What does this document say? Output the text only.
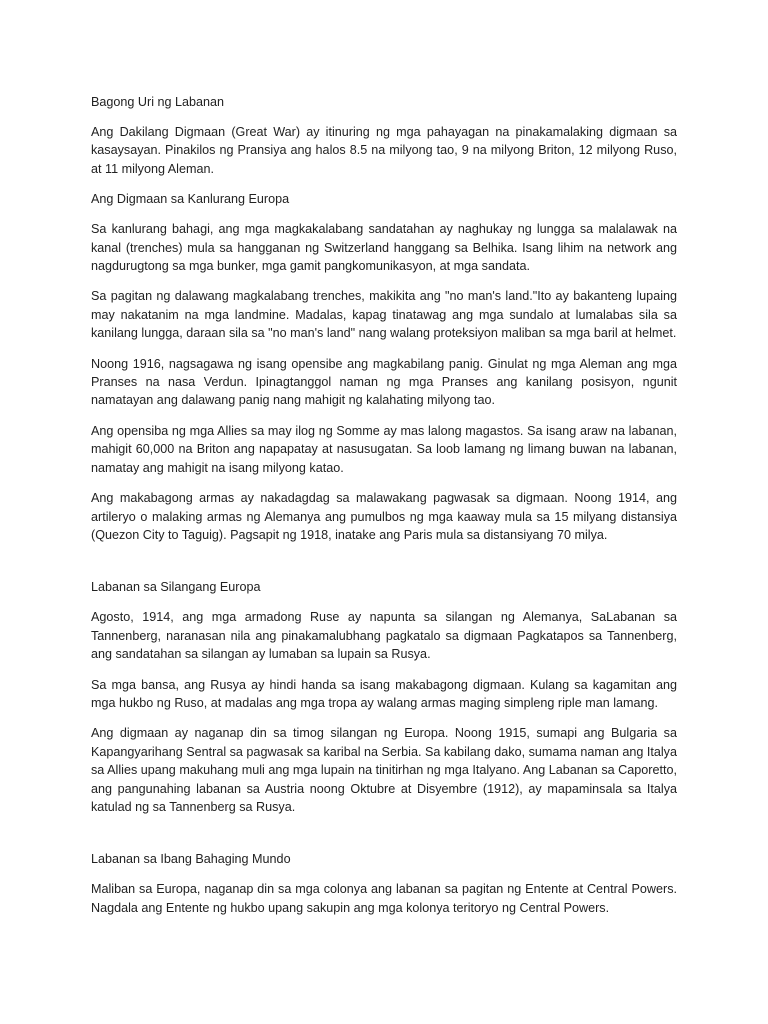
Bagong Uri ng Labanan

Ang Dakilang Digmaan (Great War) ay itinuring ng mga pahayagan na pinakamalaking digmaan sa kasaysayan. Pinakilos ng Pransiya ang halos 8.5 na milyong tao, 9 na milyong Briton, 12 milyong Ruso, at 11 milyong Aleman.

Ang Digmaan sa Kanlurang Europa

Sa kanlurang bahagi, ang mga magkakalabang sandatahan ay naghukay ng lungga sa malalawak na kanal (trenches) mula sa hangganan ng Switzerland hanggang sa Belhika. Isang lihim na network ang nagdurugtong sa mga bunker, mga gamit pangkomunikasyon, at mga sandata.

Sa pagitan ng dalawang magkalabang trenches, makikita ang "no man's land."Ito ay bakanteng lupaing may nakatanim na mga landmine. Madalas, kapag tinatawag ang mga sundalo at lumalabas sila sa kanilang lungga, daraan sila sa "no man's land" nang walang proteksiyon maliban sa mga baril at helmet.

Noong 1916, nagsagawa ng isang opensibe ang magkabilang panig. Ginulat ng mga Aleman ang mga Pranses na nasa Verdun. Ipinagtanggol naman ng mga Pranses ang kanilang posisyon, ngunit namatayan ang dalawang panig nang mahigit ng kalahating milyong tao.

Ang opensiba ng mga Allies sa may ilog ng Somme ay mas lalong magastos. Sa isang araw na labanan, mahigit 60,000 na Briton ang napapatay at nasusugatan. Sa loob lamang ng limang buwan na labanan, namatay ang mahigit na isang milyong katao.

Ang makabagong armas ay nakadagdag sa malawakang pagwasak sa digmaan. Noong 1914, ang artileryo o malaking armas ng Alemanya ang pumulbos ng mga kaaway mula sa 15 milyang distansiya (Quezon City to Taguig). Pagsapit ng 1918, inatake ang Paris mula sa distansiyang 70 milya.

Labanan sa Silangang Europa

Agosto, 1914, ang mga armadong Ruse ay napunta sa silangan ng Alemanya, SaLabanan sa Tannenberg, naranasan nila ang pinakamalubhang pagkatalo sa digmaan Pagkatapos sa Tannenberg, ang sandatahan sa silangan ay lumaban sa lupain sa Rusya.

Sa mga bansa, ang Rusya ay hindi handa sa isang makabagong digmaan. Kulang sa kagamitan ang mga hukbo ng Ruso, at madalas ang mga tropa ay walang armas maging simpleng riple man lamang.

Ang digmaan ay naganap din sa timog silangan ng Europa. Noong 1915, sumapi ang Bulgaria sa Kapangyarihang Sentral sa pagwasak sa karibal na Serbia. Sa kabilang dako, sumama naman ang Italya sa Allies upang makuhang muli ang mga lupain na tinitirhan ng mga Italyano. Ang Labanan sa Caporetto, ang pangunahing labanan sa Austria noong Oktubre at Disyembre (1912), ay mapaminsala sa Italya katulad ng sa Tannenberg sa Rusya.

Labanan sa Ibang Bahaging Mundo

Maliban sa Europa, naganap din sa mga colonya ang labanan sa pagitan ng Entente at Central Powers. Nagdala ang Entente ng hukbo upang sakupin ang mga kolonya teritoryo ng Central Powers.
